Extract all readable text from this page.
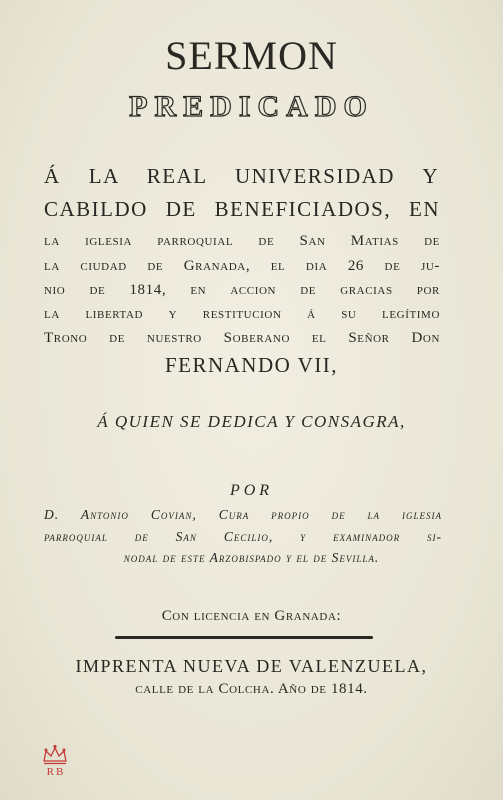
SERMON
PREDICADO
Á LA REAL UNIVERSIDAD Y
CABILDO DE BENEFICIADOS, EN
la iglesia parroquial de San Matias de
la ciudad de Granada, el dia 26 de ju-
nio de 1814, en accion de gracias por
la libertad y restitucion á su legítimo
Trono de nuestro Soberano el Señor Don
FERNANDO VII,
Á QUIEN SE DEDICA Y CONSAGRA,
POR
D. Antonio Covian, Cura propio de la iglesia
parroquial de San Cecilio, y examinador si-
nodal de este Arzobispado y el de Sevilla.
Con licencia en Granada:
IMPRENTA NUEVA DE VALENZUELA,
calle de la Colcha. Año de 1814.
RB
